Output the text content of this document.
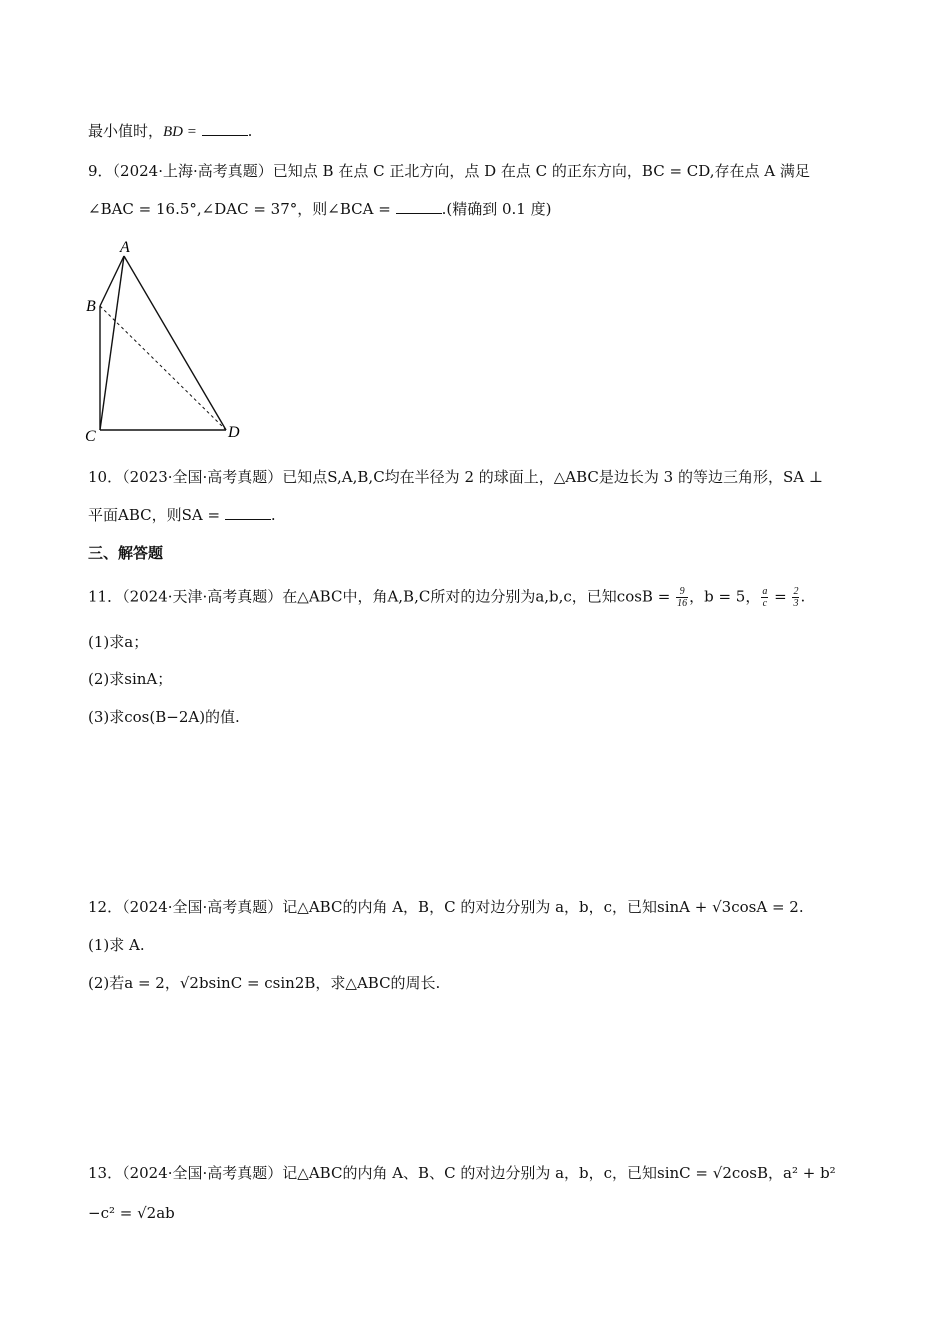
最小值时，BD =	.
9．（2024·上海·高考真题）已知点 B 在点 C 正北方向，点 D 在点 C 的正东方向，BC = CD,存在点 A 满足
∠BAC = 16.5°,∠DAC = 37°，则∠BCA =	.(精确到 0.1 度)
A
B
C	D
10．（2023·全国·高考真题）已知点S,A,B,C均在半径为 2 的球面上，△ABC是边长为 3 的等边三角形，SA ⊥
平面ABC，则SA =	.
三、解答题
11．（2024·天津·高考真题）在△ABC中，角A,B,C所对的边分别为a,b,c，已知$\cos B = \frac{9}{16}$ ，b = 5， $\frac{a}{c} = \frac{2}{3}$ .
(1)求a；
(2)求sinA；
(3)求cos(B−2A)的值.
12．（2024·全国·高考真题）记△ABC的内角 A，B，C 的对边分别为 a，b，c，已知sinA + √3cosA = 2.
(1)求 A.
(2)若a = 2，√2bsinC = csin2B，求△ABC的周长.
13．（2024·全国·高考真题）记△ABC的内角 A、B、C 的对边分别为 a，b，c，已知sinC = √2cosB，a² + b²
−c² = √2ab
